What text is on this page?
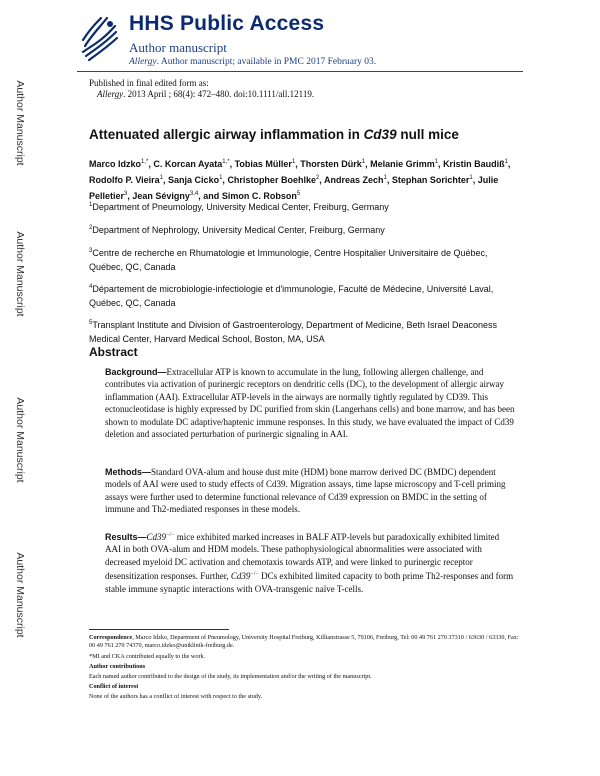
Author Manuscript
Author Manuscript
Author Manuscript
Author Manuscript
HHS Public Access
Author manuscript
Allergy. Author manuscript; available in PMC 2017 February 03.
Published in final edited form as:
Allergy. 2013 April ; 68(4): 472–480. doi:10.1111/all.12119.
Attenuated allergic airway inflammation in Cd39 null mice
Marco Idzko$^{1,*}$, C. Korcan Ayata$^{1,*}$, Tobias Müller$^1$, Thorsten Dürk$^1$, Melanie Grimm$^1$, Kristin Baudiß$^1$, Rodolfo P. Vieira$^1$, Sanja Cicko$^1$, Christopher Boehlke$^2$, Andreas Zech$^1$, Stephan Sorichter$^1$, Julie Pelletier$^3$, Jean Sévigny$^{3,4}$, and Simon C. Robson$^5$
$^1$Department of Pneumology, University Medical Center, Freiburg, Germany
$^2$Department of Nephrology, University Medical Center, Freiburg, Germany
$^3$Centre de recherche en Rhumatologie et Immunologie, Centre Hospitalier Universitaire de Québec, Québec, QC, Canada
$^4$Département de microbiologie-infectiologie et d'immunologie, Faculté de Médecine, Université Laval, Québec, QC, Canada
$^5$Transplant Institute and Division of Gastroenterology, Department of Medicine, Beth Israel Deaconess Medical Center, Harvard Medical School, Boston, MA, USA
Abstract
Background—Extracellular ATP is known to accumulate in the lung, following allergen challenge, and contributes via activation of purinergic receptors on dendritic cells (DC), to the development of allergic airway inflammation (AAI). Extracellular ATP-levels in the airways are normally tightly regulated by CD39. This ectonucleotidase is highly expressed by DC purified from skin (Langerhans cells) and bone marrow, and has been shown to modulate DC adaptive/haptenic immune responses. In this study, we have evaluated the impact of Cd39 deletion and associated perturbation of purinergic signaling in AAI.
Methods—Standard OVA-alum and house dust mite (HDM) bone marrow derived DC (BMDC) dependent models of AAI were used to study effects of Cd39. Migration assays, time lapse microscopy and T-cell priming assays were further used to determine functional relevance of Cd39 expression on BMDC in the setting of immune and Th2-mediated responses in these models.
Results—Cd39−/− mice exhibited marked increases in BALF ATP-levels but paradoxically exhibited limited AAI in both OVA-alum and HDM models. These pathophysiological abnormalities were associated with decreased myeloid DC activation and chemotaxis towards ATP, and were linked to purinergic receptor desensitization responses. Further, Cd39−/− DCs exhibited limited capacity to both prime Th2-responses and form stable immune synaptic interactions with OVA-transgenic naïve T-cells.
Correspondence, Marco Idzko, Department of Pneumology, University Hospital Freiburg, Killianstrasse 5, 79106, Freiburg, Tel: 00 49 761 270 37310 / 63630 / 63330, Fax: 00 49 761 270 74370, marco.idzko@uniklinik-freiburg.de.
*MI and CKA contributed equally to the work.
Author contributions
Each named author contributed to the design of the study, its implementation and/or the writing of the manuscript.
Conflict of interest
None of the authors has a conflict of interest with respect to the study.
